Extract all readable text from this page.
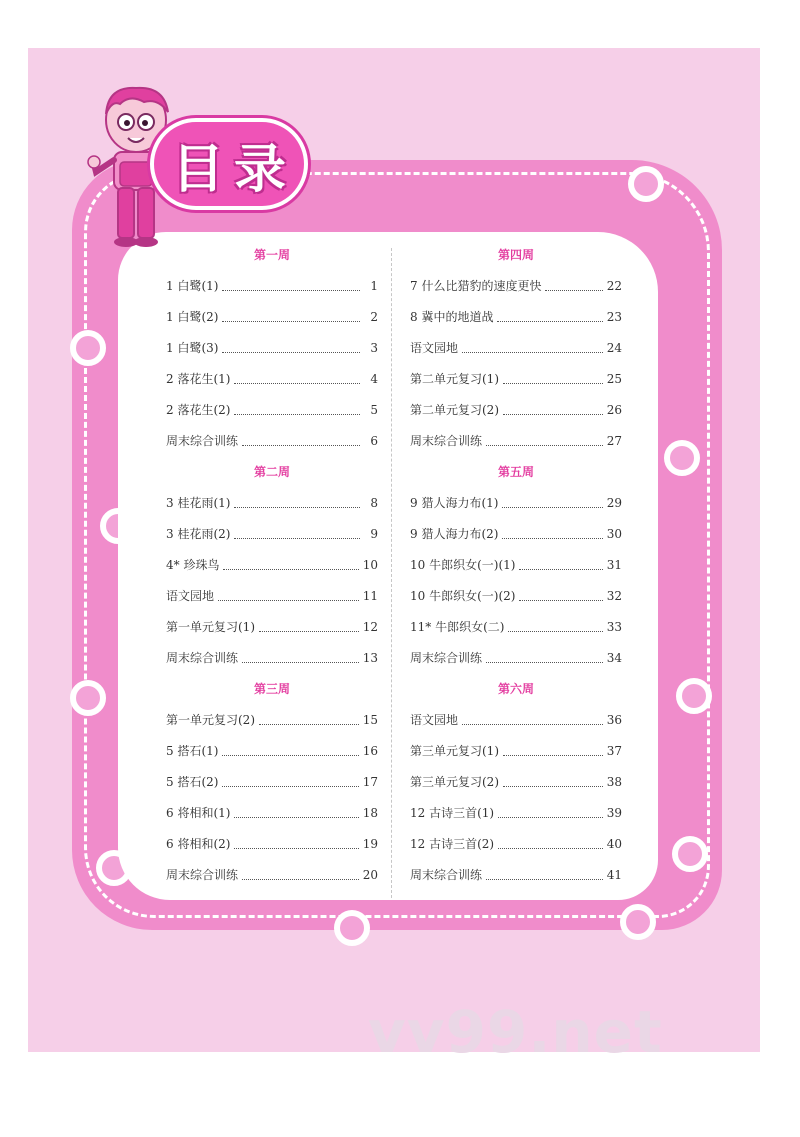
目 录
第一周
1 白鹭(1)	1
1 白鹭(2)	2
1 白鹭(3)	3
2 落花生(1)	4
2 落花生(2)	5
周末综合训练	6
第二周
3 桂花雨(1)	8
3 桂花雨(2)	9
4* 珍珠鸟	10
语文园地	11
第一单元复习(1)	12
周末综合训练	13
第三周
第一单元复习(2)	15
5 搭石(1)	16
5 搭石(2)	17
6 将相和(1)	18
6 将相和(2)	19
周末综合训练	20
第四周
7 什么比猎豹的速度更快	22
8 冀中的地道战	23
语文园地	24
第二单元复习(1)	25
第二单元复习(2)	26
周末综合训练	27
第五周
9 猎人海力布(1)	29
9 猎人海力布(2)	30
10 牛郎织女(一)(1)	31
10 牛郎织女(一)(2)	32
11* 牛郎织女(二)	33
周末综合训练	34
第六周
语文园地	36
第三单元复习(1)	37
第三单元复习(2)	38
12 古诗三首(1)	39
12 古诗三首(2)	40
周末综合训练	41
vv99.net
